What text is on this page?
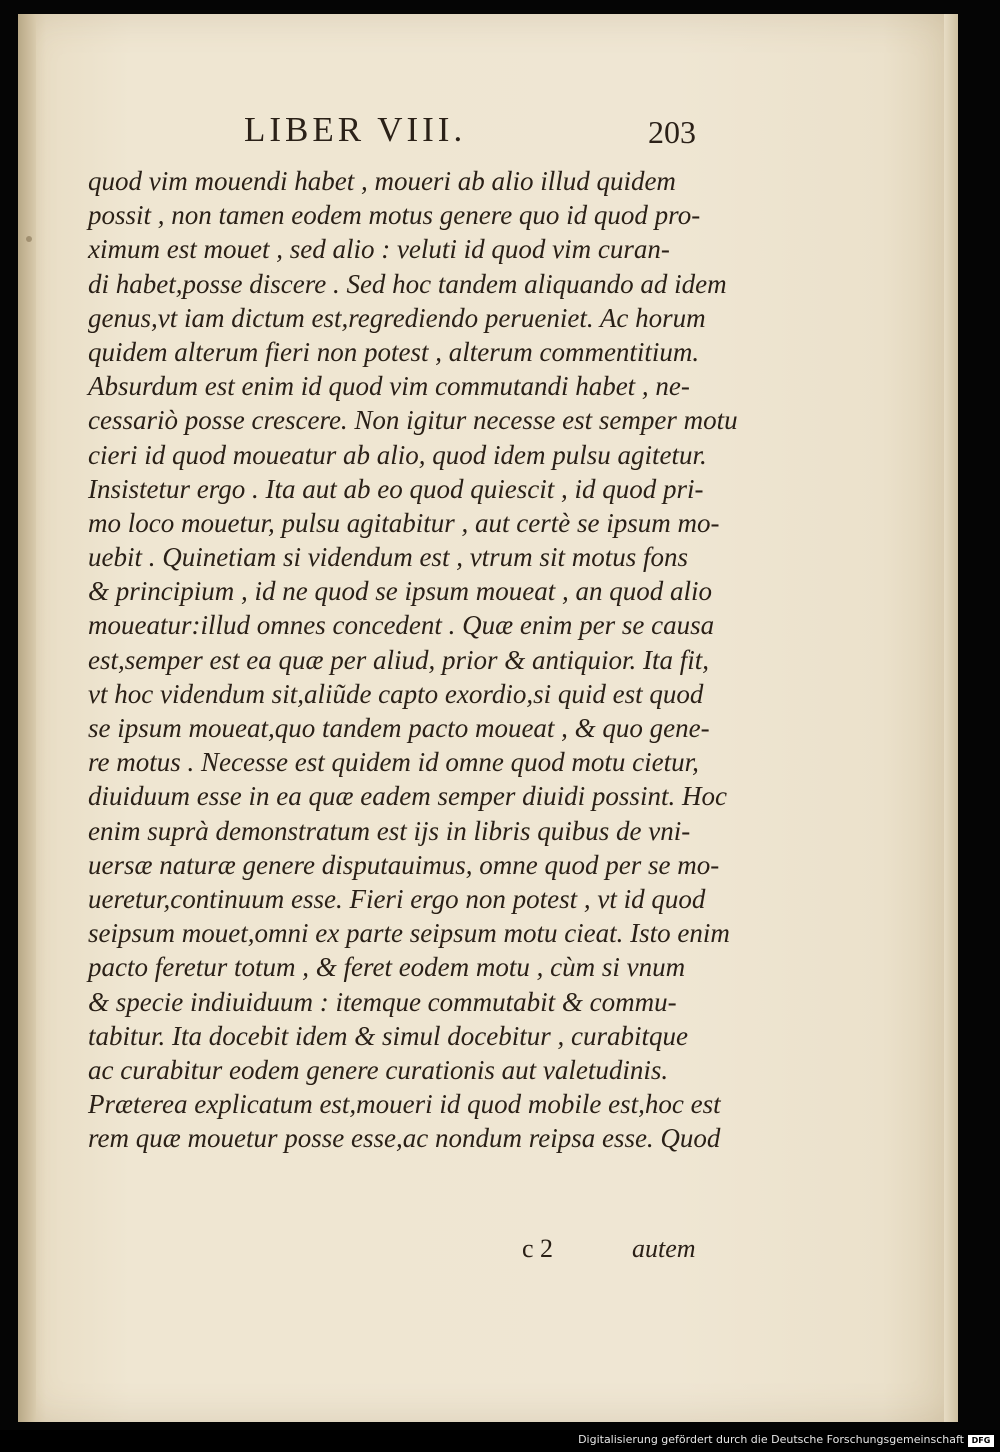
LIBER VIII.	203
quod vim mouendi habet , moueri ab alio illud quidem
possit , non tamen eodem motus genere quo id quod pro-
ximum est mouet , sed alio : veluti id quod vim curan-
di habet,posse discere . Sed hoc tandem aliquando ad idem
genus,vt iam dictum est,regrediendo perueniet. Ac horum
quidem alterum fieri non potest , alterum commentitium.
Absurdum est enim id quod vim commutandi habet , ne-
cessariò posse crescere. Non igitur necesse est semper motu
cieri id quod moueatur ab alio, quod idem pulsu agitetur.
Insistetur ergo . Ita aut ab eo quod quiescit , id quod pri-
mo loco mouetur, pulsu agitabitur , aut certè se ipsum mo-
uebit . Quinetiam si videndum est , vtrum sit motus fons
& principium , id ne quod se ipsum moueat , an quod alio
moueatur:illud omnes concedent . Quæ enim per se causa
est,semper est ea quæ per aliud, prior & antiquior. Ita fit,
vt hoc videndum sit,aliũde capto exordio,si quid est quod
se ipsum moueat,quo tandem pacto moueat , & quo gene-
re motus . Necesse est quidem id omne quod motu cietur,
diuiduum esse in ea quæ eadem semper diuidi possint. Hoc
enim suprà demonstratum est ijs in libris quibus de vni-
uersæ naturæ genere disputauimus, omne quod per se mo-
ueretur,continuum esse. Fieri ergo non potest , vt id quod
seipsum mouet,omni ex parte seipsum motu cieat. Isto enim
pacto feretur totum , & feret eodem motu , cùm si vnum
& specie indiuiduum : itemque commutabit & commu-
tabitur. Ita docebit idem & simul docebitur , curabitque
ac curabitur eodem genere curationis aut valetudinis.
Præterea explicatum est,moueri id quod mobile est,hoc est
rem quæ mouetur posse esse,ac nondum reipsa esse. Quod
c 2	autem
Digitalisierung gefördert durch die Deutsche Forschungsgemeinschaft DFG
